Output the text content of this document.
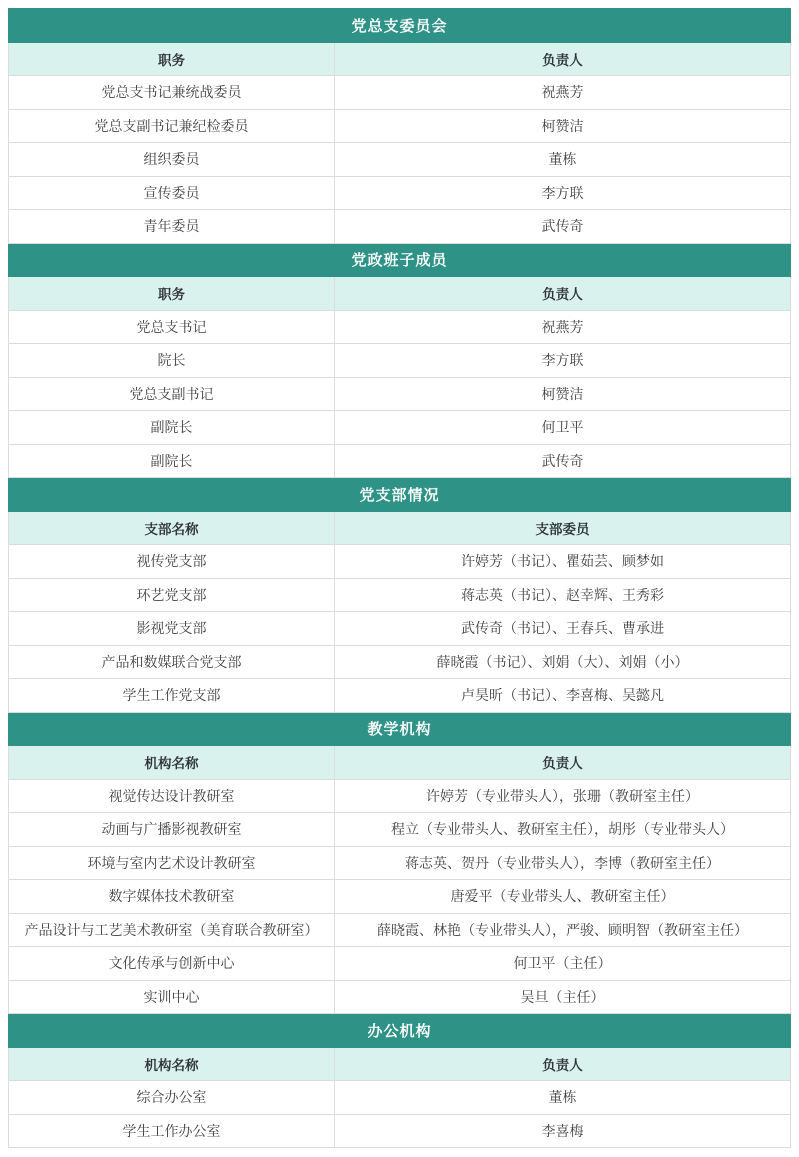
党总支委员会	
职务	负责人
党总支书记兼统战委员	祝燕芳
党总支副书记兼纪检委员	柯赞洁
组织委员	董栋
宣传委员	李方联
青年委员	武传奇
党政班子成员	
职务	负责人
党总支书记	祝燕芳
院长	李方联
党总支副书记	柯赞洁
副院长	何卫平
副院长	武传奇
党支部情况	
支部名称	支部委员
视传党支部	许婷芳（书记）、瞿茹芸、顾梦如
环艺党支部	蒋志英（书记）、赵幸辉、王秀彩
影视党支部	武传奇（书记）、王春兵、曹承进
产品和数媒联合党支部	薛晓霞（书记）、刘娟（大）、刘娟（小）
学生工作党支部	卢昊昕（书记）、李喜梅、吴懿凡
教学机构	
机构名称	负责人
视觉传达设计教研室	许婷芳（专业带头人），张珊（教研室主任）
动画与广播影视教研室	程立（专业带头人、教研室主任），胡彤（专业带头人）
环境与室内艺术设计教研室	蒋志英、贺丹（专业带头人），李博（教研室主任）
数字媒体技术教研室	唐爱平（专业带头人、教研室主任）
产品设计与工艺美术教研室（美育联合教研室）	薛晓霞、林艳（专业带头人），严骏、顾明智（教研室主任）
文化传承与创新中心	何卫平（主任）
实训中心	吴旦（主任）
办公机构	
机构名称	负责人
综合办公室	董栋
学生工作办公室	李喜梅
